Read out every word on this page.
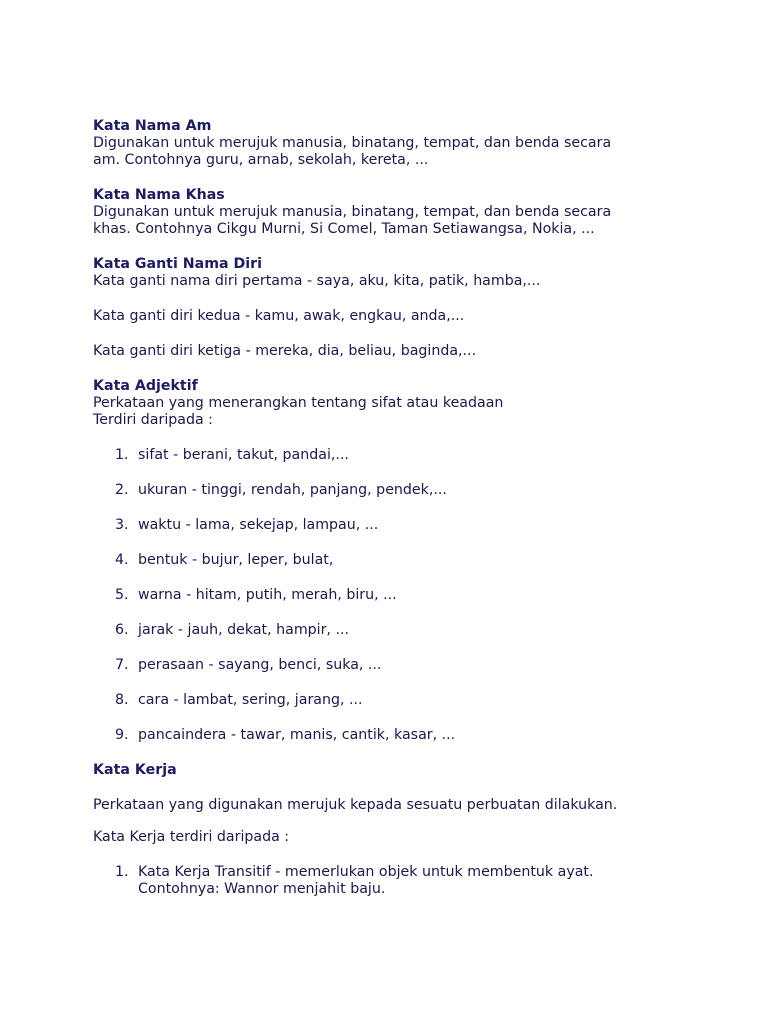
Kata Nama Am

Digunakan untuk merujuk manusia, binatang, tempat, dan benda secara

am. Contohnya guru, arnab, sekolah, kereta, ...

Kata Nama Khas

Digunakan untuk merujuk manusia, binatang, tempat, dan benda secara

khas. Contohnya Cikgu Murni, Si Comel, Taman Setiawangsa, Nokia, ...

Kata Ganti Nama Diri

Kata ganti nama diri pertama - saya, aku, kita, patik, hamba,...

Kata ganti diri kedua - kamu, awak, engkau, anda,...

Kata ganti diri ketiga - mereka, dia, beliau, baginda,...

Kata Adjektif

Perkataan yang menerangkan tentang sifat atau keadaan

Terdiri daripada :

1. sifat - berani, takut, pandai,...
2. ukuran - tinggi, rendah, panjang, pendek,...
3. waktu - lama, sekejap, lampau, ...
4. bentuk - bujur, leper, bulat,
5. warna - hitam, putih, merah, biru, ...
6. jarak - jauh, dekat, hampir, ...
7. perasaan - sayang, benci, suka, ...
8. cara - lambat, sering, jarang, ...
9. pancaindera - tawar, manis, cantik, kasar, ...

Kata Kerja

Perkataan yang digunakan merujuk kepada sesuatu perbuatan dilakukan.

Kata Kerja terdiri daripada :

1. Kata Kerja Transitif - memerlukan objek untuk membentuk ayat.
Contohnya: Wannor menjahit baju.
